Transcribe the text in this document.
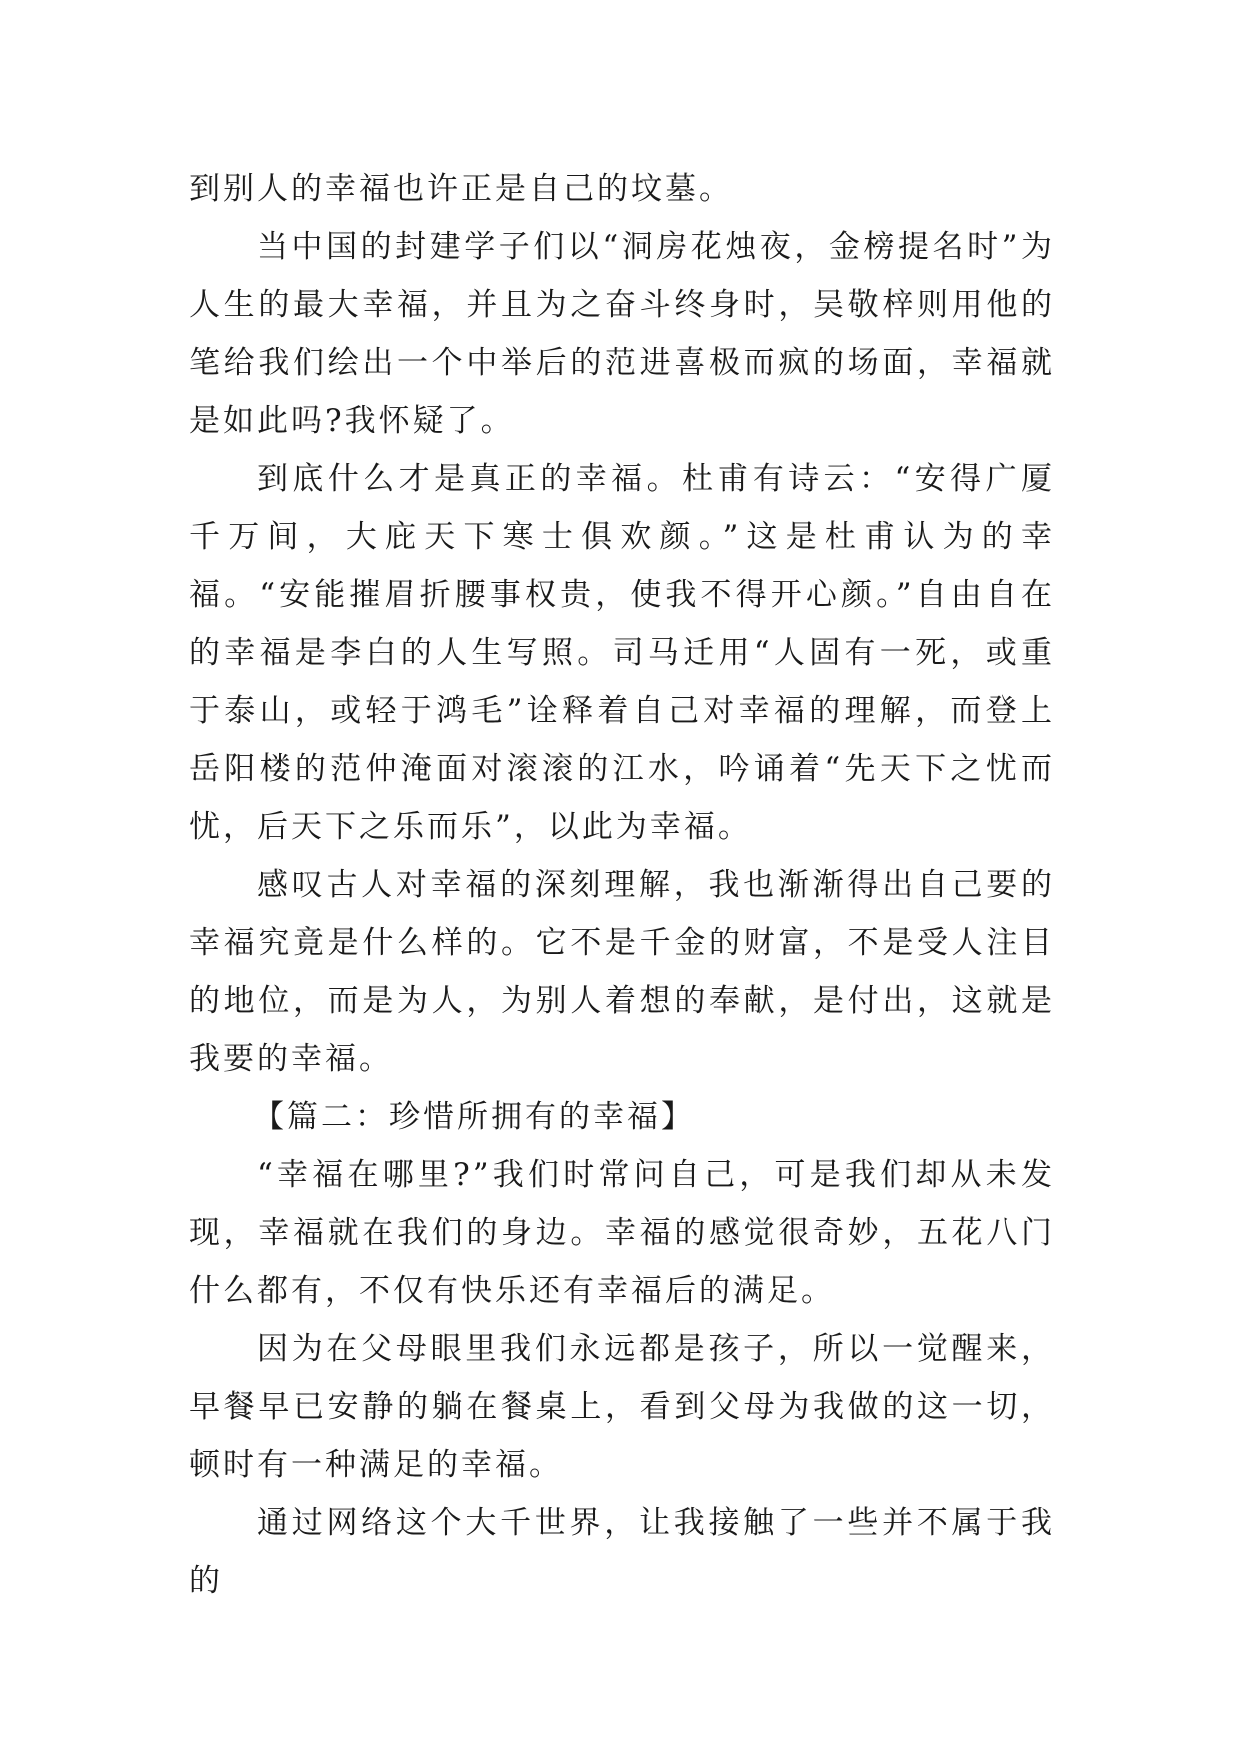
到别人的幸福也许正是自己的坟墓。

当中国的封建学子们以“洞房花烛夜，金榜提名时”为人生的最大幸福，并且为之奋斗终身时，吴敬梓则用他的笔给我们绘出一个中举后的范进喜极而疯的场面，幸福就是如此吗?我怀疑了。

到底什么才是真正的幸福。杜甫有诗云：“安得广厦千万间，大庇天下寒士俱欢颜。”这是杜甫认为的幸福。“安能摧眉折腰事权贵，使我不得开心颜。”自由自在的幸福是李白的人生写照。司马迁用“人固有一死，或重于泰山，或轻于鸿毛”诠释着自己对幸福的理解，而登上岳阳楼的范仲淹面对滚滚的江水，吟诵着“先天下之忧而忧，后天下之乐而乐”，以此为幸福。

感叹古人对幸福的深刻理解，我也渐渐得出自己要的幸福究竟是什么样的。它不是千金的财富，不是受人注目的地位，而是为人，为别人着想的奉献，是付出，这就是我要的幸福。

【篇二：珍惜所拥有的幸福】

“幸福在哪里?”我们时常问自己，可是我们却从未发现，幸福就在我们的身边。幸福的感觉很奇妙，五花八门什么都有，不仅有快乐还有幸福后的满足。

因为在父母眼里我们永远都是孩子，所以一觉醒来，早餐早已安静的躺在餐桌上，看到父母为我做的这一切，顿时有一种满足的幸福。

通过网络这个大千世界，让我接触了一些并不属于我的
